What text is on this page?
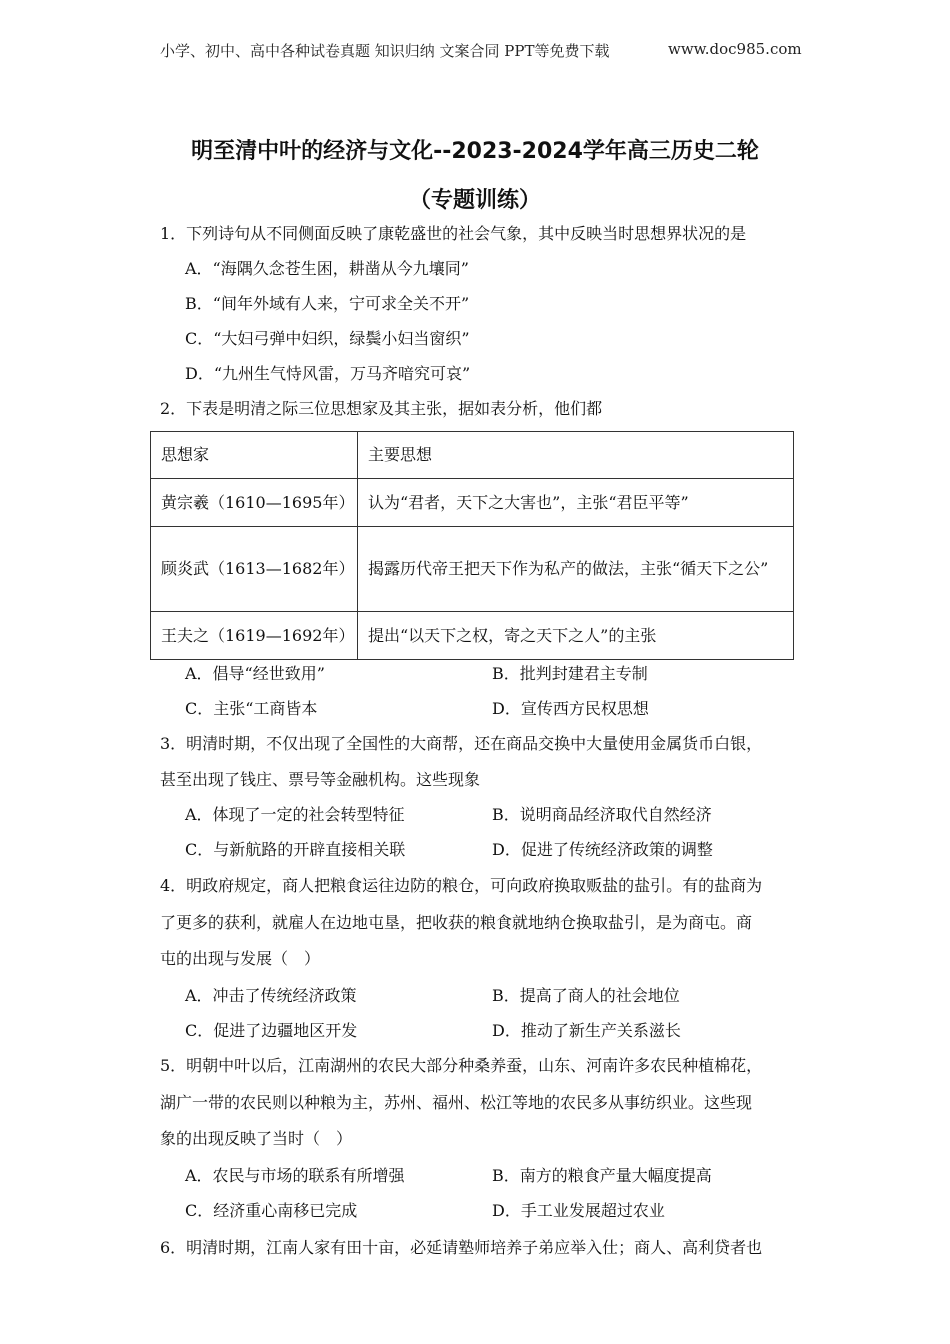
小学、初中、高中各种试卷真题 知识归纳 文案合同 PPT等免费下载	www.doc985.com
明至清中叶的经济与文化--2023-2024学年高三历史二轮
（专题训练）
1．下列诗句从不同侧面反映了康乾盛世的社会气象，其中反映当时思想界状况的是
A．“海隅久念苍生困，耕凿从今九壤同”
B．“间年外域有人来，宁可求全关不开”
C．“大妇弓弹中妇织，绿鬓小妇当窗织”
D．“九州生气恃风雷，万马齐喑究可哀”
2．下表是明清之际三位思想家及其主张，据如表分析，他们都
思想家	主要思想
黄宗羲（1610—1695年）	认为“君者，天下之大害也”，主张“君臣平等”
顾炎武（1613—1682年）	揭露历代帝王把天下作为私产的做法，主张“循天下之公”
王夫之（1619—1692年）	提出“以天下之权，寄之天下之人”的主张
A．倡导“经世致用”	B．批判封建君主专制
C．主张“工商皆本	D．宣传西方民权思想
3．明清时期，不仅出现了全国性的大商帮，还在商品交换中大量使用金属货币白银，
甚至出现了钱庄、票号等金融机构。这些现象
A．体现了一定的社会转型特征	B．说明商品经济取代自然经济
C．与新航路的开辟直接相关联	D．促进了传统经济政策的调整
4．明政府规定，商人把粮食运往边防的粮仓，可向政府换取贩盐的盐引。有的盐商为
了更多的获利，就雇人在边地屯垦，把收获的粮食就地纳仓换取盐引，是为商屯。商
屯的出现与发展（　）
A．冲击了传统经济政策	B．提高了商人的社会地位
C．促进了边疆地区开发	D．推动了新生产关系滋长
5．明朝中叶以后，江南湖州的农民大部分种桑养蚕，山东、河南许多农民种植棉花，
湖广一带的农民则以种粮为主，苏州、福州、松江等地的农民多从事纺织业。这些现
象的出现反映了当时（　）
A．农民与市场的联系有所增强	B．南方的粮食产量大幅度提高
C．经济重心南移已完成	D．手工业发展超过农业
6．明清时期，江南人家有田十亩，必延请塾师培养子弟应举入仕；商人、高利贷者也
